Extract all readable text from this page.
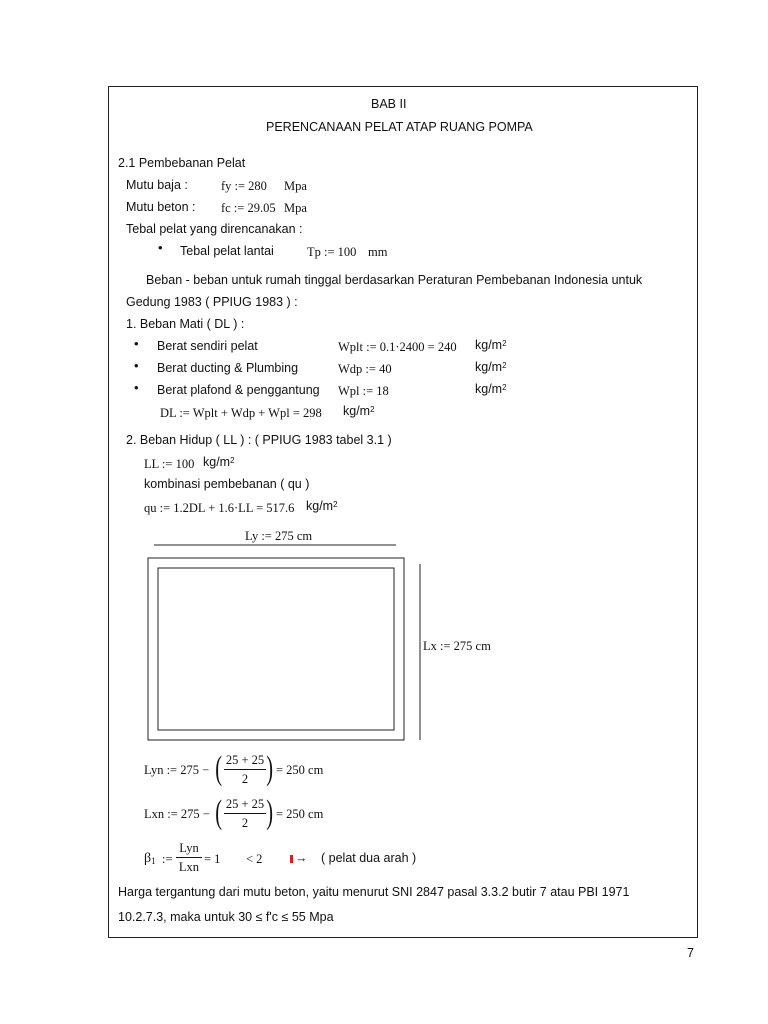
BAB II
PERENCANAAN PELAT ATAP RUANG POMPA
2.1 Pembebanan Pelat
Mutu baja :	fy := 280 Mpa
Mutu beton : fc := 29.05 Mpa
Tebal pelat yang direncanakan :
• Tebal pelat lantai	Tp := 100 mm
Beban - beban untuk rumah tinggal berdasarkan Peraturan Pembebanan Indonesia untuk
Gedung 1983 ( PPIUG 1983 ) :
1. Beban Mati ( DL ) :
• Berat sendiri pelat	Wplt := 0.1·2400 = 240 $kg/m^2$
• Berat ducting & Plumbing	Wdp := 40	$kg/m^2$
• Berat plafond & penggantung Wpl := 18	$kg/m^2$
DL := Wplt + Wdp + Wpl = 298 $kg/m^2$
2. Beban Hidup ( LL ) : ( PPIUG 1983 tabel 3.1 )
LL := 100 $kg/m^2$
kombinasi pembebanan ( qu )
qu := 1.2DL + 1.6·LL = 517.6 $kg/m^2$
Ly := 275 cm
Lx := 275 cm
Lyn := 275 − ( 25 + 25
2 ) = 250 cm
Lxn := 275 − ( 25 + 25
2 ) = 250 cm
β1 :=
Lyn
Lxn
= 1 < 2	→ ( pelat dua arah )
Harga tergantung dari mutu beton, yaitu menurut SNI 2847 pasal 3.3.2 butir 7 atau PBI 1971
10.2.7.3, maka untuk 30 ≤ f'c ≤ 55 Mpa
7
